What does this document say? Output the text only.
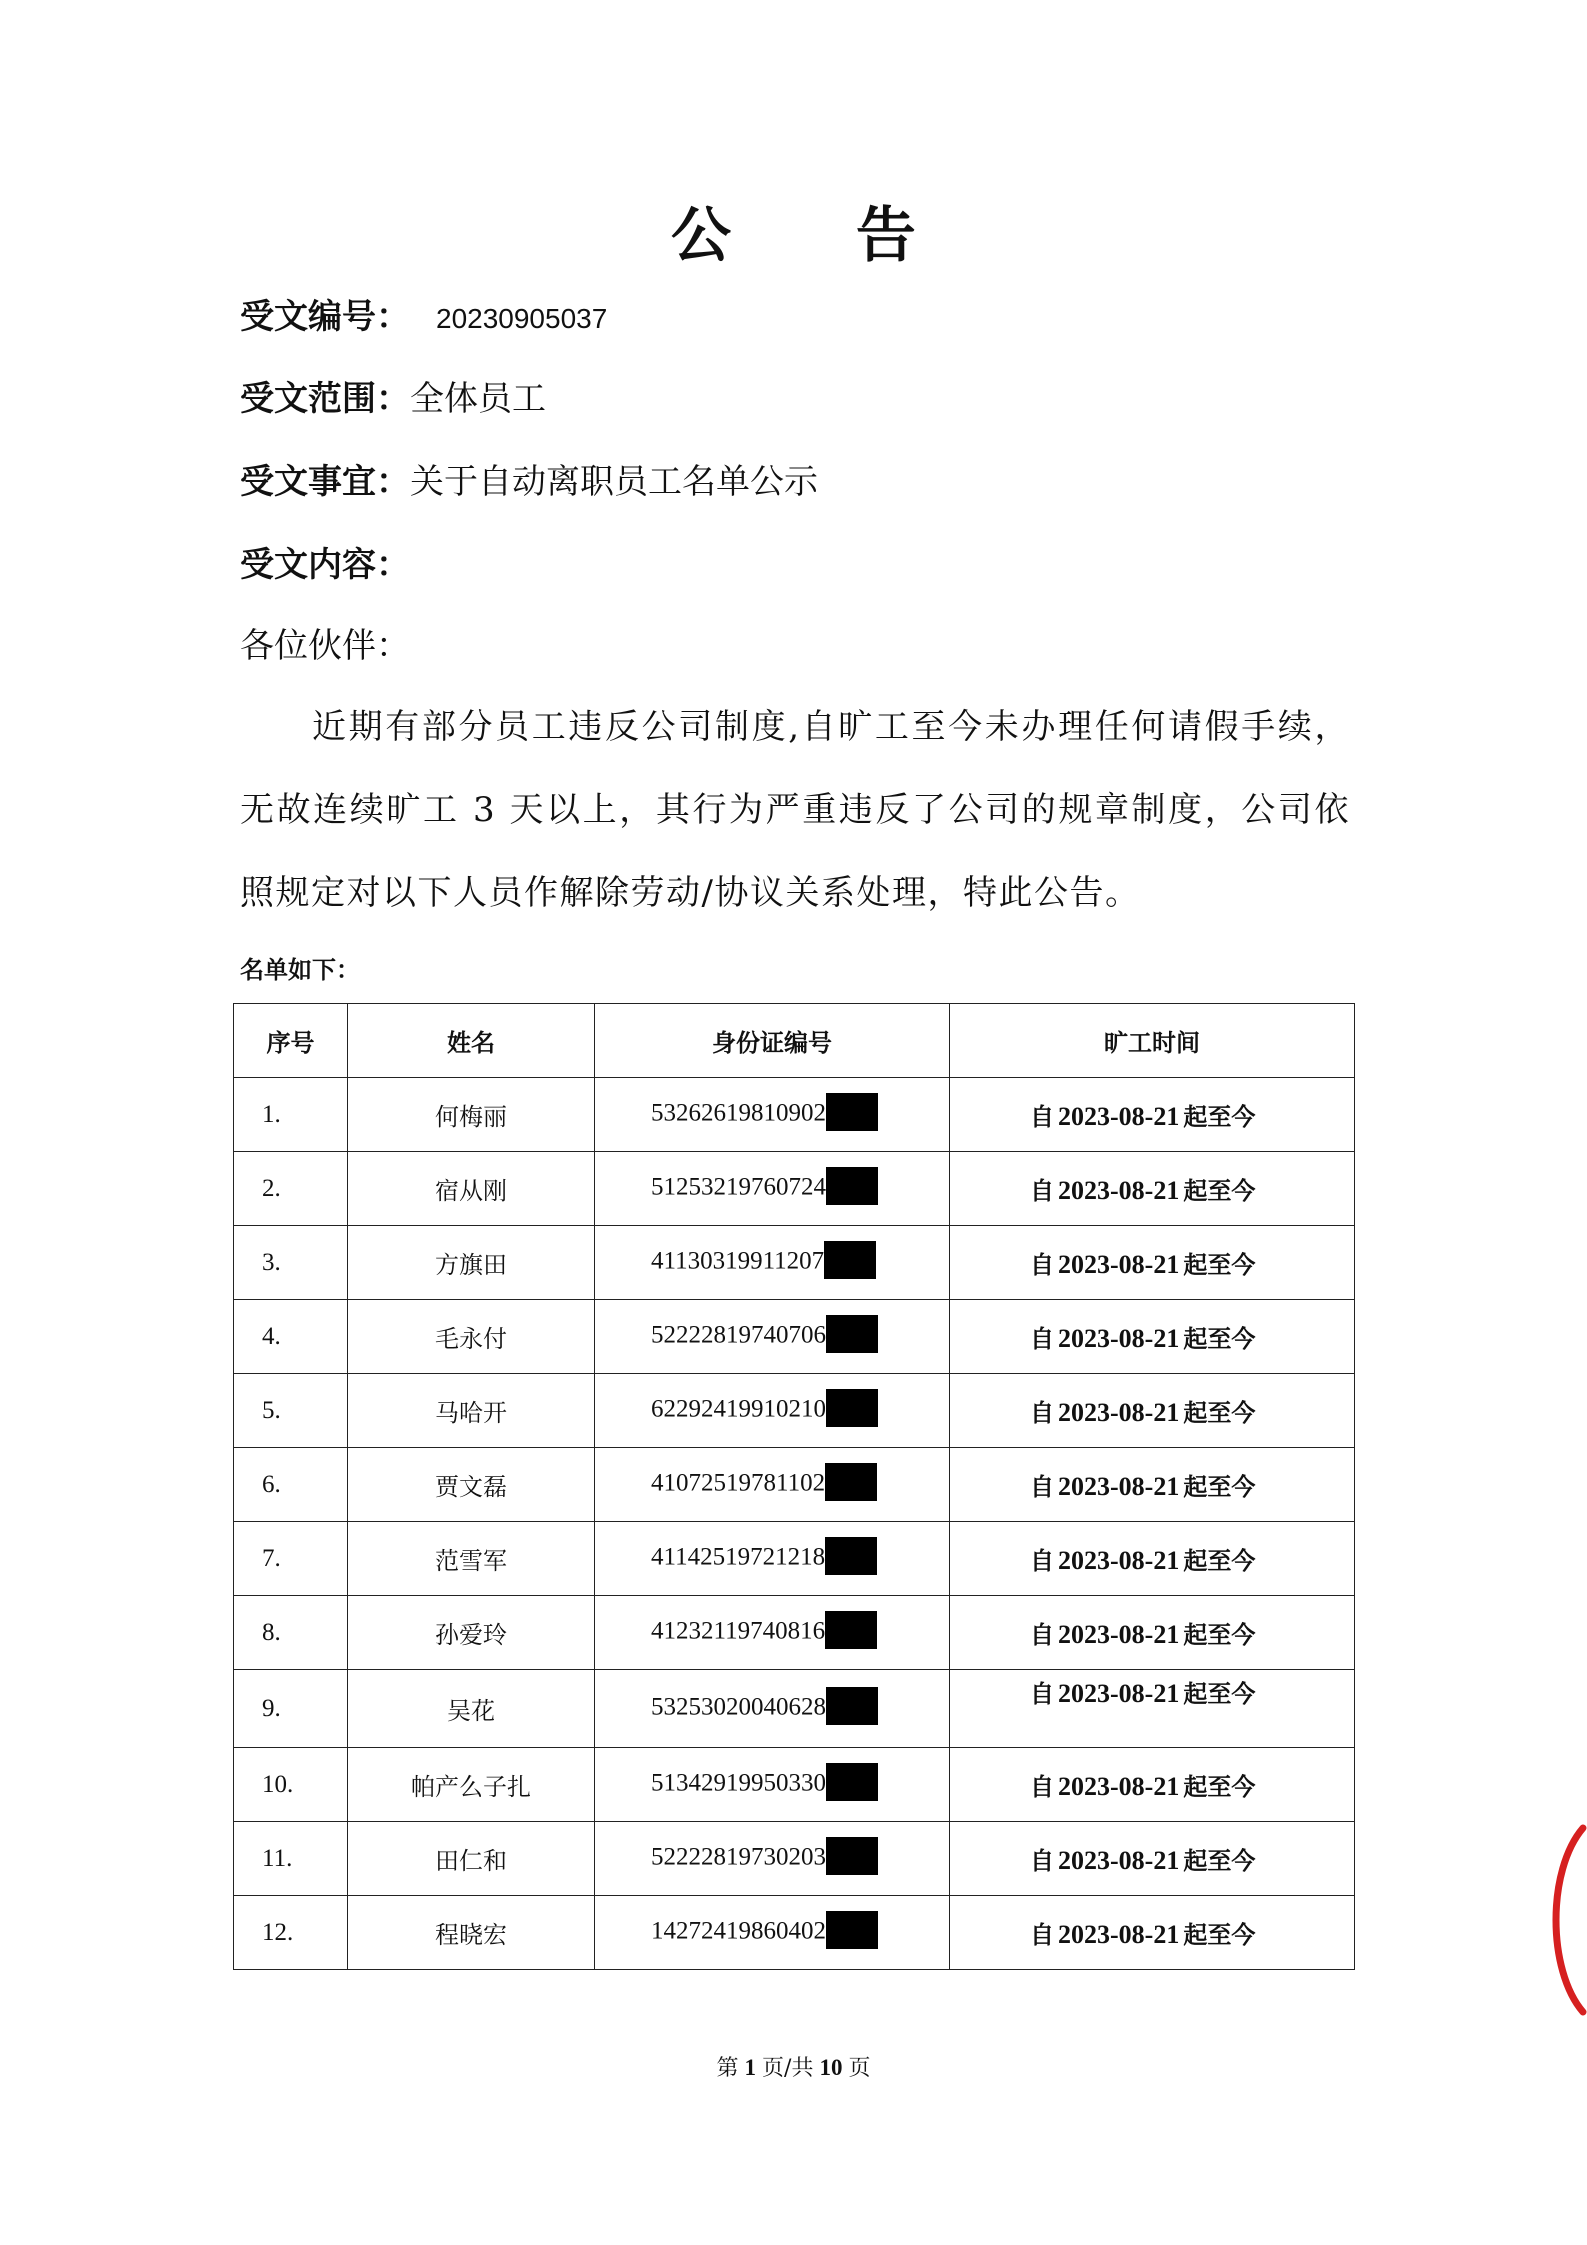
公 告
受文编号： 20230905037
受文范围：全体员工
受文事宜：关于自动离职员工名单公示
受文内容：
各位伙伴：
近期有部分员工违反公司制度,自旷工至今未办理任何请假手续，无故连续旷工 3 天以上，其行为严重违反了公司的规章制度，公司依照规定对以下人员作解除劳动/协议关系处理，特此公告。
名单如下：
序号	姓名	身份证编号	旷工时间
1.	何梅丽	53262619810902	自 2023-08-21 起至今
2.	宿从刚	51253219760724	自 2023-08-21 起至今
3.	方旗田	41130319911207	自 2023-08-21 起至今
4.	毛永付	52222819740706	自 2023-08-21 起至今
5.	马哈开	62292419910210	自 2023-08-21 起至今
6.	贾文磊	41072519781102	自 2023-08-21 起至今
7.	范雪军	41142519721218	自 2023-08-21 起至今
8.	孙爱玲	41232119740816	自 2023-08-21 起至今
9.	吴花	53253020040628	自 2023-08-21 起至今
10.	帕产么子扎	51342919950330	自 2023-08-21 起至今
11.	田仁和	52222819730203	自 2023-08-21 起至今
12.	程晓宏	14272419860402	自 2023-08-21 起至今
第 1 页/共 10 页
